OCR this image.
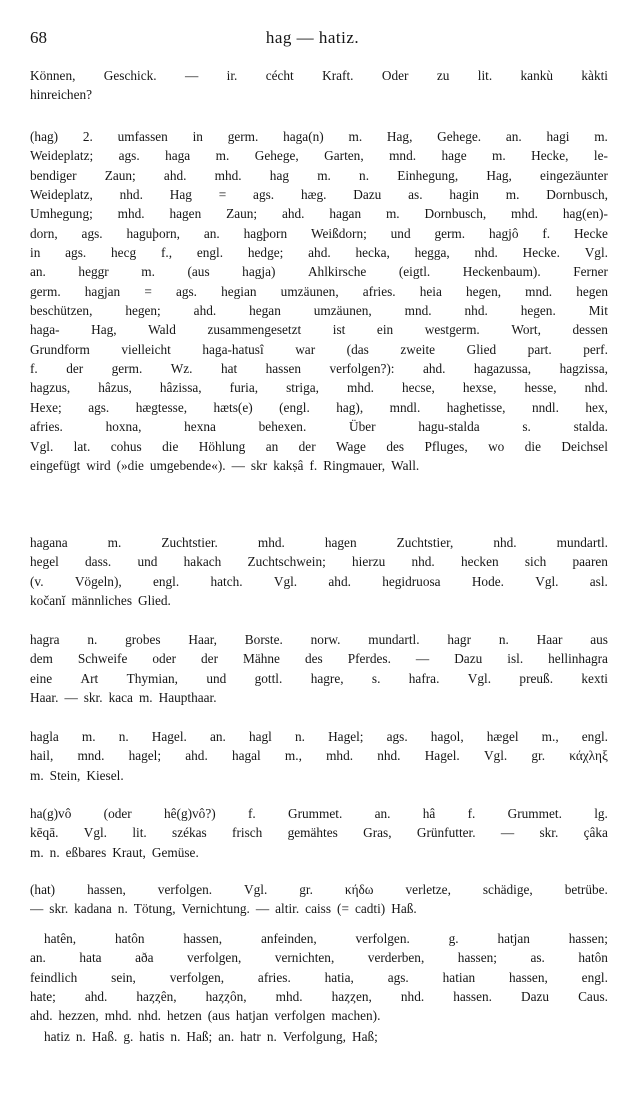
68	hag — hatiz.
Können, Geschick. — ir. cécht Kraft. Oder zu lit. kankù kàkti
hinreichen?
(hag) 2. umfassen in germ. haga(n) m. Hag, Gehege. an. hagi m.
Weideplatz; ags. haga m. Gehege, Garten, mnd. hage m. Hecke, le-
bendiger Zaun; ahd. mhd. hag m. n. Einhegung, Hag, eingezäunter
Weideplatz, nhd. Hag = ags. hæg. Dazu as. hagin m. Dornbusch,
Umhegung; mhd. hagen Zaun; ahd. hagan m. Dornbusch, mhd. hag(en)-
dorn, ags. haguþorn, an. hagþorn Weißdorn; und germ. hagjô f. Hecke
in ags. hecg f., engl. hedge; ahd. hecka, hegga, nhd. Hecke. Vgl.
an. heggr m. (aus hagja) Ahlkirsche (eigtl. Heckenbaum). Ferner
germ. hagjan = ags. hegian umzäunen, afries. heia hegen, mnd. hegen
beschützen, hegen; ahd. hegan umzäunen, mnd. nhd. hegen. Mit
haga- Hag, Wald zusammengesetzt ist ein westgerm. Wort, dessen
Grundform vielleicht haga-hatusî war (das zweite Glied part. perf.
f. der germ. Wz. hat hassen verfolgen?): ahd. hagazussa, hagzissa,
hagzus, hâzus, hâzissa, furia, striga, mhd. hecse, hexse, hesse, nhd.
Hexe; ags. hægtesse, hæts(e) (engl. hag), mndl. haghetisse, nndl. hex,
afries.	hoxna,	hexna	behexen.	Über	hagu-stalda	s.	stalda.
Vgl. lat. cohus die Höhlung an der Wage des Pfluges, wo die Deichsel
eingefügt wird (»die umgebende«). — skr kakṣâ f. Ringmauer, Wall.
hagana	m.	Zuchtstier.	mhd.	hagen	Zuchtstier,	nhd.	mundartl.
hegel dass. und hakach Zuchtschwein; hierzu nhd. hecken sich paaren
(v. Vögeln), engl. hatch. Vgl. ahd. hegidruosa Hode. Vgl. asl.
kočanĭ männliches Glied.
hagra n. grobes Haar, Borste. norw. mundartl. hagr n. Haar aus
dem Schweife oder der Mähne des Pferdes. — Dazu isl. hellinhagra
eine Art Thymian, und gottl. hagre, s. hafra. Vgl. preuß. kexti
Haar. — skr. kaca m. Haupthaar.
hagla m. n. Hagel. an. hagl n. Hagel; ags. hagol, hægel m., engl.
hail, mnd. hagel; ahd. hagal m., mhd. nhd. Hagel. Vgl. gr. κάχληξ
m. Stein, Kiesel.
ha(g)vô (oder hê(g)vô?) f. Grummet. an. hâ f. Grummet. lg.
kēqā. Vgl. lit. székas frisch gemähtes Gras, Grünfutter. — skr. çâka
m. n. eßbares Kraut, Gemüse.
(hat) hassen, verfolgen. Vgl. gr. κήδω verletze, schädige, betrübe.
— skr. kadana n. Tötung, Vernichtung. — altir. caiss (= cadti) Haß.
hatên,	hatôn	hassen,	anfeinden,	verfolgen.	g.	hatjan	hassen;
an.	hata	aða	verfolgen,	vernichten,	verderben,	hassen;	as.	hatôn
feindlich	sein,	verfolgen,	afries.	hatia,	ags.	hatian	hassen,	engl.
hate; ahd. haȥȥên, haȥȥôn, mhd. haȥȥen, nhd. hassen. Dazu Caus.
ahd. hezzen, mhd. nhd. hetzen (aus hatjan verfolgen machen).
hatiz n. Haß. g. hatis n. Haß; an. hatr n. Verfolgung, Haß;
